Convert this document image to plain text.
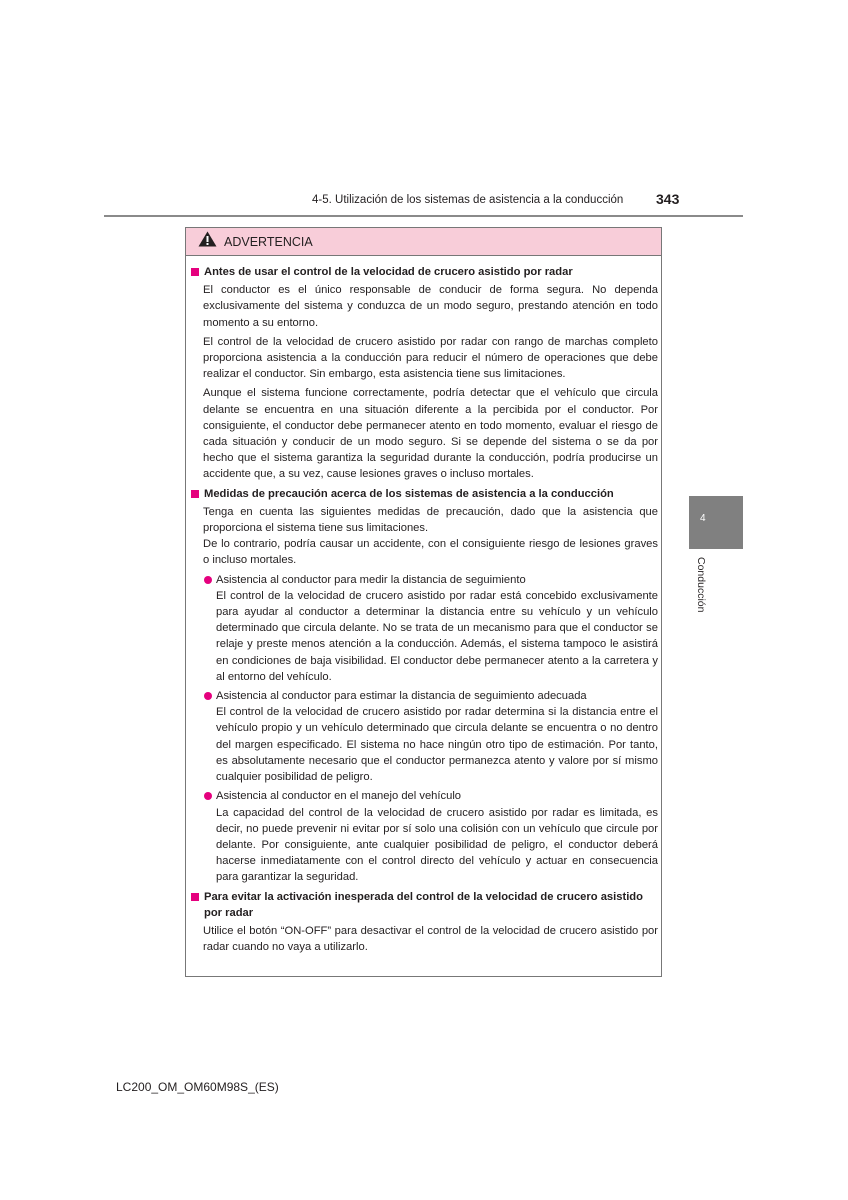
4-5. Utilización de los sistemas de asistencia a la conducción 343
4
Conducción
ADVERTENCIA
Antes de usar el control de la velocidad de crucero asistido por radar

El conductor es el único responsable de conducir de forma segura. No dependa exclusivamente del sistema y conduzca de un modo seguro, prestando atención en todo momento a su entorno.

El control de la velocidad de crucero asistido por radar con rango de marchas completo proporciona asistencia a la conducción para reducir el número de operaciones que debe realizar el conductor. Sin embargo, esta asistencia tiene sus limitaciones.

Aunque el sistema funcione correctamente, podría detectar que el vehículo que circula delante se encuentra en una situación diferente a la percibida por el conductor. Por consiguiente, el conductor debe permanecer atento en todo momento, evaluar el riesgo de cada situación y conducir de un modo seguro. Si se depende del sistema o se da por hecho que el sistema garantiza la seguridad durante la conducción, podría producirse un accidente que, a su vez, cause lesiones graves o incluso mortales.

Medidas de precaución acerca de los sistemas de asistencia a la conducción

Tenga en cuenta las siguientes medidas de precaución, dado que la asistencia que proporciona el sistema tiene sus limitaciones.

De lo contrario, podría causar un accidente, con el consiguiente riesgo de lesiones graves o incluso mortales.

Asistencia al conductor para medir la distancia de seguimiento

El control de la velocidad de crucero asistido por radar está concebido exclusivamente para ayudar al conductor a determinar la distancia entre su vehículo y un vehículo determinado que circula delante. No se trata de un mecanismo para que el conductor se relaje y preste menos atención a la conducción. Además, el sistema tampoco le asistirá en condiciones de baja visibilidad. El conductor debe permanecer atento a la carretera y al entorno del vehículo.

Asistencia al conductor para estimar la distancia de seguimiento adecuada

El control de la velocidad de crucero asistido por radar determina si la distancia entre el vehículo propio y un vehículo determinado que circula delante se encuentra o no dentro del margen especificado. El sistema no hace ningún otro tipo de estimación. Por tanto, es absolutamente necesario que el conductor permanezca atento y valore por sí mismo cualquier posibilidad de peligro.

Asistencia al conductor en el manejo del vehículo

La capacidad del control de la velocidad de crucero asistido por radar es limitada, es decir, no puede prevenir ni evitar por sí solo una colisión con un vehículo que circule por delante. Por consiguiente, ante cualquier posibilidad de peligro, el conductor deberá hacerse inmediatamente con el control directo del vehículo y actuar en consecuencia para garantizar la seguridad.

Para evitar la activación inesperada del control de la velocidad de crucero asistido por radar

Utilice el botón “ON-OFF” para desactivar el control de la velocidad de crucero asistido por radar cuando no vaya a utilizarlo.

LC200_OM_OM60M98S_(ES)
